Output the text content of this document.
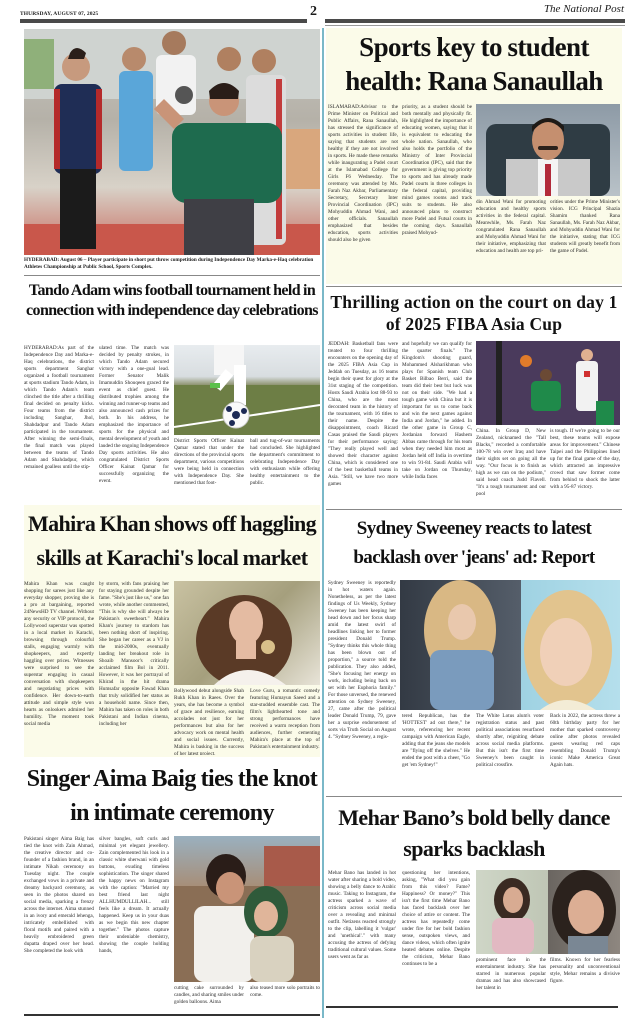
THURSDAY, AUGUST 07, 2025	2	The National Post
HYDERABAD: August 06 – Player participate in short put throw competition during Independence Day Marka-e-Haq celebration Athletes Championship at Public School, Sports Complex.
Tando Adam wins football tournament held in connection with independence day celebrations
HYDERABAD:As part of the Independence Day and Marka-e-Haq celebrations, the district sports department Sanghar organized a football tournament at sports stadium Tando Adam, in which Tando Adam's team clinched the title after a thrilling final decided on penalty kicks. Four teams from the district including Sanghar, Jhol, Shahdadpur and Tando Adam participated in the tournament. After winning the semi-finals, the final match was played between the teams of Tando Adam and Shahdadpur, which remained goalless until the stip-
ulated time. The match was decided by penalty strokes, in which Tando Adam secured victory with a one-goal lead. Former Senator Malik Imamuddin Shouqeen graced the event as chief guest. He distributed trophies among the winning and runner-up teams and also announced cash prizes for both. In his address, he emphasized the importance of sports for the physical and mental development of youth and lauded the ongoing Independence Day sports activities. He also congratulated District Sports Officer Kainat Qamar for successfully organizing the event.
District Sports Officer Kainat Qamar stated that under the directions of the provincial sports department, various competitions were being held in connection with Independence Day. She mentioned that foot-
ball and tug-of-war tournaments had concluded. She highlighted the department's commitment to celebrating Independence Day with enthusiasm while offering healthy entertainment to the public.
Sports key to student health: Rana Sanaullah
ISLAMABAD:Advisor to the Prime Minister on Political and Public Affairs, Rana Sanaullah, has stressed the significance of sports activities in student life, saying that students are not healthy if they are not involved in sports. He made these remarks while inaugurating a Padel court at the Islamabad College for Girls F6 Wednesday. The ceremony was attended by Ms. Farah Naz Akbar, Parliamentary Secretary, Secretary Inter Provincial Coordination (IPC) Mohyuddin Ahmad Wani, and other officials. Sanaullah emphasized that besides education, sports activities should also be given
priority, as a student should be both mentally and physically fit. He highlighted the importance of educating women, saying that it is equivalent to educating the whole nation. Sanaullah, who also holds the portfolio of the Ministry of Inter Provincial Coordination (IPC), said that the government is giving top priority to sports and has already made Padel courts in three colleges in the federal capital, providing mind games rooms and track suits to students. He also announced plans to construct more Padel and Futsal courts in the coming days. Sanaullah praised Mohyud-
din Ahmad Wani for promoting education and healthy sports activities in the federal capital. Meanwhile, Ms. Farah Naz congratulated Rana Sanaullah and Mohyuddin Ahmad Wani for their initiative, emphasizing that education and health are top pri-
orities under the Prime Minister's vision. ICG Principal Shazia Shamim thanked Rana Sanaullah, Ms. Farah Naz Akbar, and Mohyuddin Ahmad Wani for the initiative, stating that ICG students will greatly benefit from the game of Padel.
Thrilling action on the court on day 1 of 2025 FIBA Asia Cup
JEDDAH: Basketball fans were treated to four thrilling encounters on the opening day of the 2025 FIBA Asia Cup in Jeddah on Tuesday, as 16 teams begin their quest for glory at the 31st staging of the competition. Hosts Saudi Arabia lost 88-93 to China, who are the most decorated team in the history of the tournament, with 16 titles to their name. Despite the disappointment, coach Ricard Casas praised the Saudi players for their performance saying: "They really played well and showed their character against China, which is considered one of the best basketball teams in Asia. "Still, we have two more games
and hopefully we can qualify for the quarter finals." The Kingdom's shooting guard, Mohammed Alsharikhman who plays for Spanish team Club Basket Bilbao Berri, said the team did their best but luck was not on their side. "We had a tough game with China but it is important for us to come back and win the next games against India and Jordan," he added. In the other game in Group C, Jordanian forward Hashem Abbas came through for his team when they needed him most as Jordan held off India in overtime to win 91-84. Saudi Arabia will take on Jordan on Thursday, while India faces
China. In Group D, New Zealand, nicknamed the "Tall Blacks," recorded a comfortable 100-78 win over Iraq and have their sights set on going all the way. "Our focus is to finish as high as we can on the podium," said head coach Judd Flavell. "It's a tough tournament and our pool
is tough. If we're going to be our best, these teams will expose areas for improvement." Chinese Taipei and the Philippines lined up for the final game of the day, which attracted an impressive crowd that saw former come from behind to shock the latter with a 95-87 victory.
Mahira Khan shows off haggling skills at Karachi's local market
Mahira Khan was caught shopping for sarees just like any everyday shopper, proving she is a pro at bargaining, reported 24NewsHD TV channel. Without any security or VIP protocol, the Lollywood superstar was spotted in a local market in Karachi, browsing through colourful stalls, engaging warmly with shopkeepers, and expertly haggling over prices. Witnesses were surprised to see the superstar engaging in casual conversation with shopkeepers and negotiating prices with confidence. Her down-to-earth attitude and simple style won hearts as onlookers admired her humility. The moment took social media
by storm, with fans praising her for staying grounded despite her fame. "She's just like us," one fan wrote, while another commented, "This is why she will always be Pakistan's sweetheart." Mahira Khan's journey to stardom has been nothing short of inspiring. She began her career as a VJ in the mid-2000s, eventually landing her breakout role in Shoaib Mansoor's critically acclaimed film Bol in 2011. However, it was her portrayal of Khirad in the hit drama Humsafar opposite Fawad Khan that truly solidified her status as a household name. Since then, Mahira has taken on roles in both Pakistani and Indian cinema, including her
Bollywood debut alongside Shah Rukh Khan in Raees. Over the years, she has become a symbol of grace and resilience, earning accolades not just for her performances but also for her advocacy work on mental health and social issues. Currently, Mahira is basking in the success of her latest project,
Love Guru, a romantic comedy featuring Humayun Saeed and a star-studded ensemble cast. The film's lighthearted tone and strong performances have received a warm reception from audiences, further cementing Mahira's place at the top of Pakistan's entertainment industry.
Sydney Sweeney reacts to latest backlash over 'jeans' ad: Report
Sydney Sweeney is reportedly in hot waters again. Nonetheless, as per the latest findings of Us Weekly, Sydney Sweeney has been keeping her head down and her focus sharp amid the latest swirl of headlines linking her to former president Donald Trump. "Sydney thinks this whole thing has been blown out of proportion," a source told the publication. They also added, "She's focusing her energy on work, including being back on set with her Euphoria family." For those unversed, the renewed attention on Sydney Sweeney, 27, came after the political leader Donald Trump, 79, gave her a surprise endorsement of sorts via Truth Social on August 4. "Sydney Sweeney, a regis-
tered Republican, has the 'HOTTEST' ad out there," he wrote, referencing her recent campaign with American Eagle, adding that the jeans she models are "flying off the shelves." He ended the post with a cheer, "Go get 'em Sydney!"
The White Lotus alum's voter registration status and past political associations resurfaced shortly after, reigniting debate across social media platforms. But this isn't the first time Sweeney's been caught in political crossfire.
Back in 2022, the actress threw a 60th birthday party for her mother that sparked controversy online after photos revealed guests wearing red caps resembling Donald Trump's iconic Make America Great Again hats.
Singer Aima Baig ties the knot in intimate ceremony
Pakistani singer Aima Baig has tied the knot with Zain Ahmad, the creative director and co-founder of a fashion brand, in an intimate Nikah ceremony on Tuesday night. The couple exchanged vows in a private and dreamy backyard ceremony, as seen in the photos shared on social media, sparking a frenzy across the internet. Aima stunned in an ivory and emerald lehenga, intricately embellished with floral motifs and paired with a heavily embroidered green dupatta draped over her head. She completed the look with
silver bangles, soft curls and minimal yet elegant jewellery. Zain complemented his look in a classic white sherwani with gold buttons, exuding timeless sophistication. The singer shared the happy news on Instagram with the caption: "Married my best friend last night ALLHUMDULLILAH... still feels like a dream. It actually happened. Keep us in your duas as we begin this new chapter together." The photos capture their undeniable chemistry, showing the couple holding hands,
cutting cake surrounded by candles, and sharing smiles under golden balloons. Aima
also teased more solo portraits to come.
Mehar Bano’s bold belly dance sparks backlash
Mehar Bano has landed in hot water after sharing a bold video, showing a belly dance to Arabic music. Taking to Instagram, the actress sparked a wave of criticism across social media over a revealing and minimal outfit. Netizens reacted strongly to the clip, labelling it 'vulgar' and 'unethical'." with many accusing the actress of defying traditional cultural values. Some users went as far as
questioning her intentions, asking, "What did you gain from this video? Fame? Happiness? Or money?" This isn't the first time Mehar Bano has faced backlash over her choice of attire or content. The actress has repeatedly come under fire for her bold fashion sense, outspoken views, and dance videos, which often ignite heated debates online. Despite the criticism, Mehar Bano continues to be a
prominent face in the entertainment industry. She has starred in numerous popular dramas and has also showcased her talent in
films. Known for her fearless personality and unconventional style, Mehar remains a divisive figure.
